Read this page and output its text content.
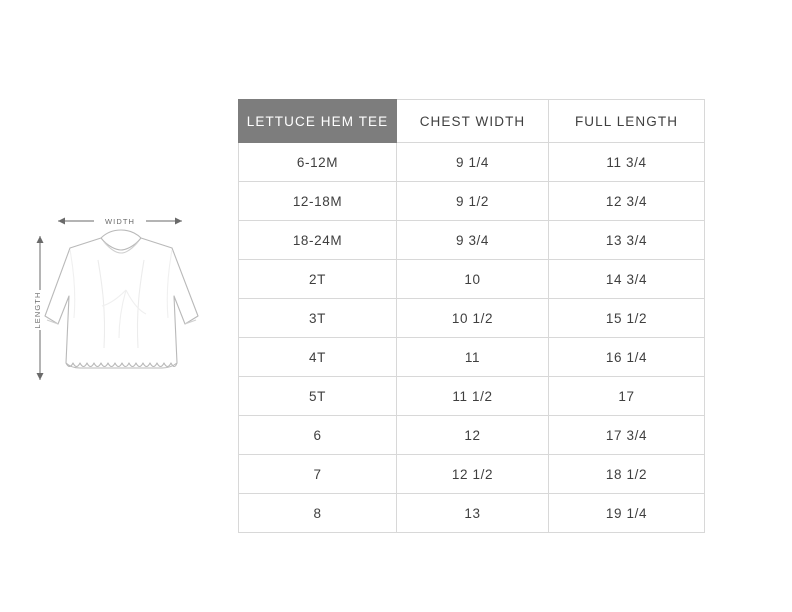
WIDTH
LENGTH
LETTUCE HEM TEE	CHEST WIDTH	FULL LENGTH
6-12M	9 1/4	11 3/4
12-18M	9 1/2	12 3/4
18-24M	9 3/4	13 3/4
2T	10	14 3/4
3T	10 1/2	15 1/2
4T	11	16 1/4
5T	11 1/2	17
6	12	17 3/4
7	12 1/2	18 1/2
8	13	19 1/4
